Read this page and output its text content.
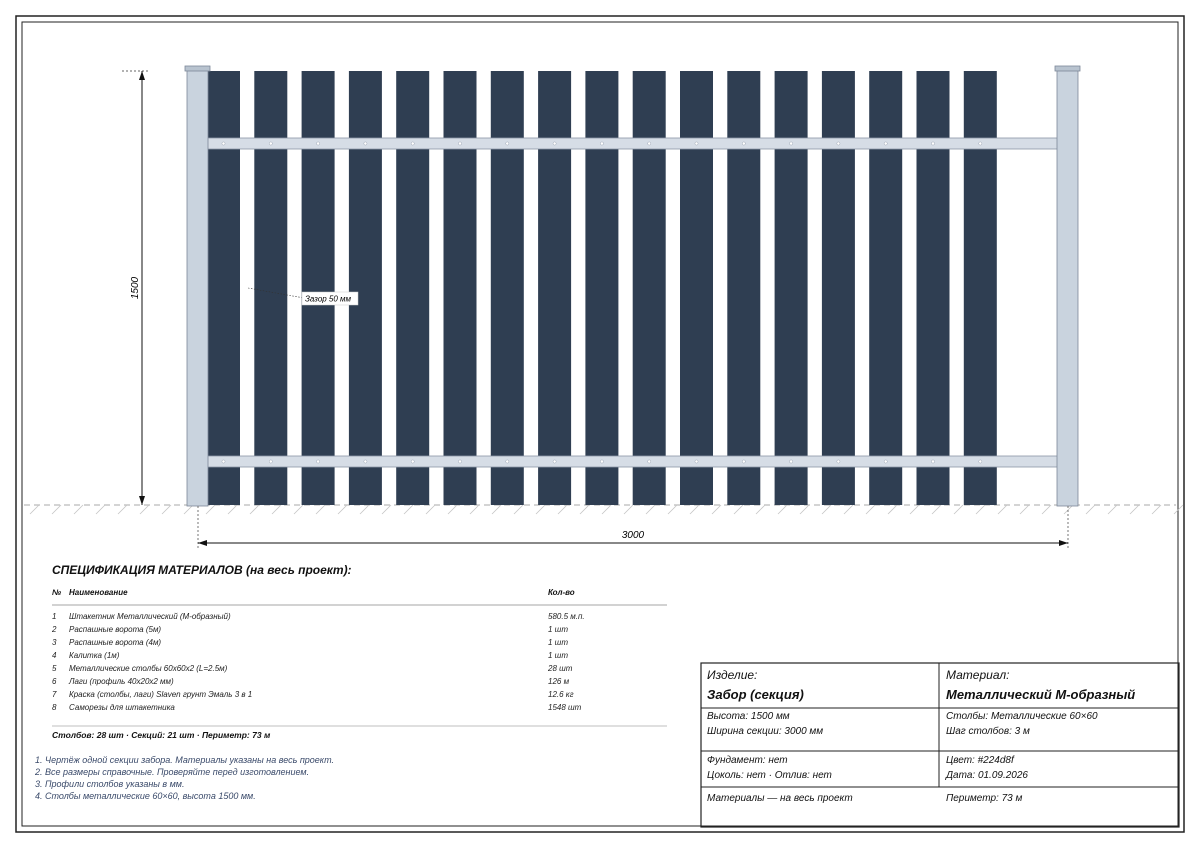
1500
3000
Зазор 50 мм
СПЕЦИФИКАЦИЯ МАТЕРИАЛОВ (на весь проект):
№ Наименование	Кол-во
1 Штакетник Металлический (М-образный)	580.5 м.п.
2 Распашные ворота (5м)	1 шт
3 Распашные ворота (4м)	1 шт
4 Калитка (1м)	1 шт
5 Металлические столбы 60х60х2 (L=2.5м)	28 шт
6 Лаги (профиль 40х20х2 мм)	126 м
7 Краска (столбы, лаги) Slaven грунт Эмаль 3 в 1	12.6 кг
8 Саморезы для штакетника	1548 шт
Столбов: 28 шт · Секций: 21 шт · Периметр: 73 м
1. Чертёж одной секции забора. Материалы указаны на весь проект.
2. Все размеры справочные. Проверяйте перед изготовлением.
3. Профили столбов указаны в мм.
4. Столбы металлические 60×60, высота 1500 мм.
Изделие:
Забор (секция)
Материал:
Металлический М-образный
Высота: 1500 мм
Ширина секции: 3000 мм
Столбы: Металлические 60×60
Шаг столбов: 3 м
Фундамент: нет
Цоколь: нет · Отлив: нет
Цвет: #224d8f
Дата: 01.09.2026
Материалы — на весь проект	Периметр: 73 м
